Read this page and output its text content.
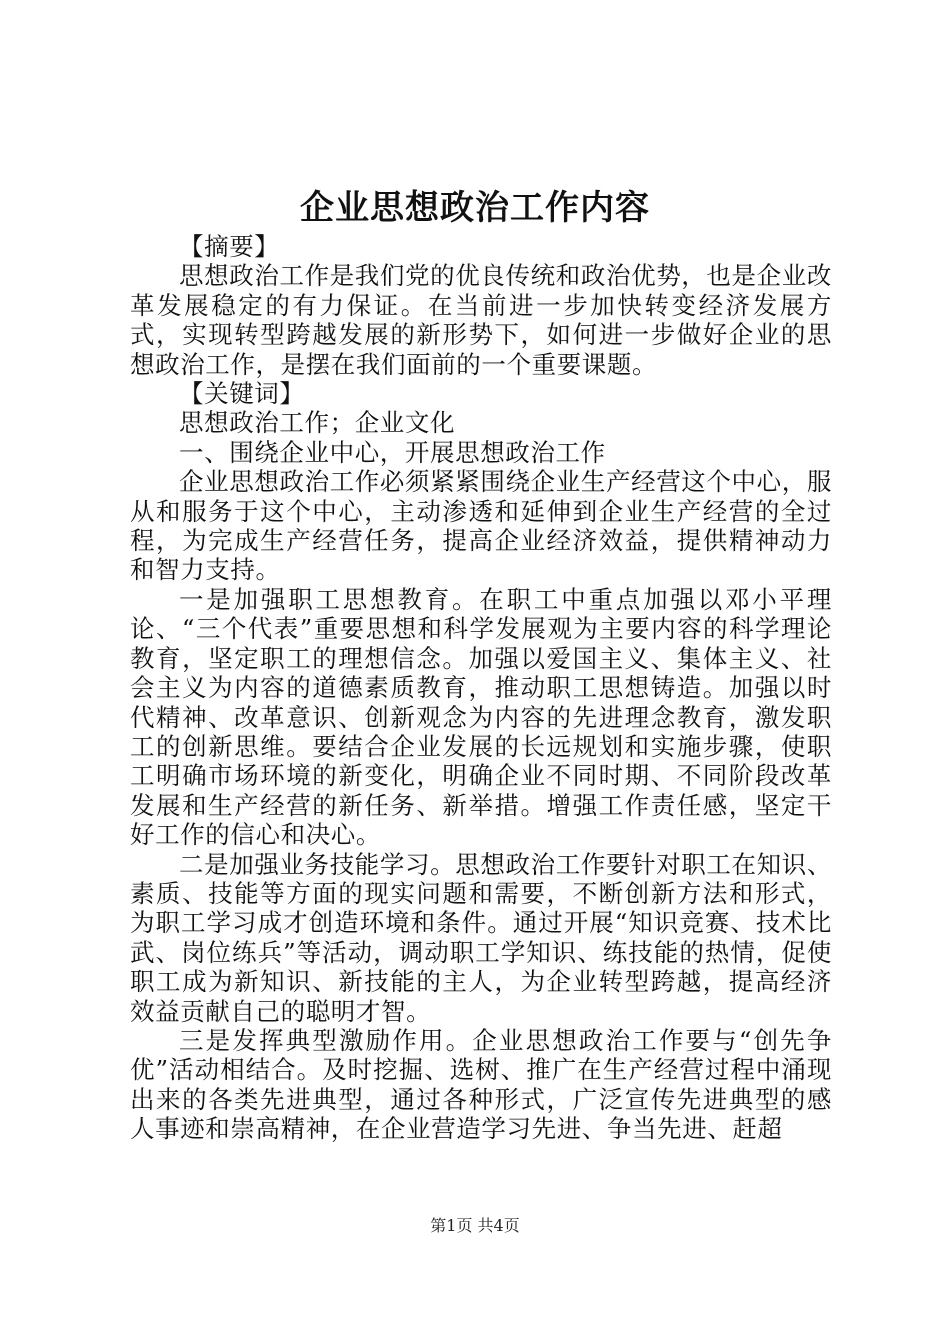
企业思想政治工作内容

【摘要】

思想政治工作是我们党的优良传统和政治优势，也是企业改革发展稳定的有力保证。在当前进一步加快转变经济发展方式，实现转型跨越发展的新形势下，如何进一步做好企业的思想政治工作，是摆在我们面前的一个重要课题。

【关键词】

思想政治工作；企业文化

一、围绕企业中心，开展思想政治工作

企业思想政治工作必须紧紧围绕企业生产经营这个中心，服从和服务于这个中心，主动渗透和延伸到企业生产经营的全过程，为完成生产经营任务，提高企业经济效益，提供精神动力和智力支持。

一是加强职工思想教育。在职工中重点加强以邓小平理论、“三个代表”重要思想和科学发展观为主要内容的科学理论教育，坚定职工的理想信念。加强以爱国主义、集体主义、社会主义为内容的道德素质教育，推动职工思想铸造。加强以时代精神、改革意识、创新观念为内容的先进理念教育，激发职工的创新思维。要结合企业发展的长远规划和实施步骤，使职工明确市场环境的新变化，明确企业不同时期、不同阶段改革发展和生产经营的新任务、新举措。增强工作责任感，坚定干好工作的信心和决心。

二是加强业务技能学习。思想政治工作要针对职工在知识、素质、技能等方面的现实问题和需要，不断创新方法和形式，为职工学习成才创造环境和条件。通过开展“知识竞赛、技术比武、岗位练兵”等活动，调动职工学知识、练技能的热情，促使职工成为新知识、新技能的主人，为企业转型跨越，提高经济效益贡献自己的聪明才智。

三是发挥典型激励作用。企业思想政治工作要与“创先争优”活动相结合。及时挖掘、选树、推广在生产经营过程中涌现出来的各类先进典型，通过各种形式，广泛宣传先进典型的感人事迹和崇高精神，在企业营造学习先进、争当先进、赶超

第1页 共4页
